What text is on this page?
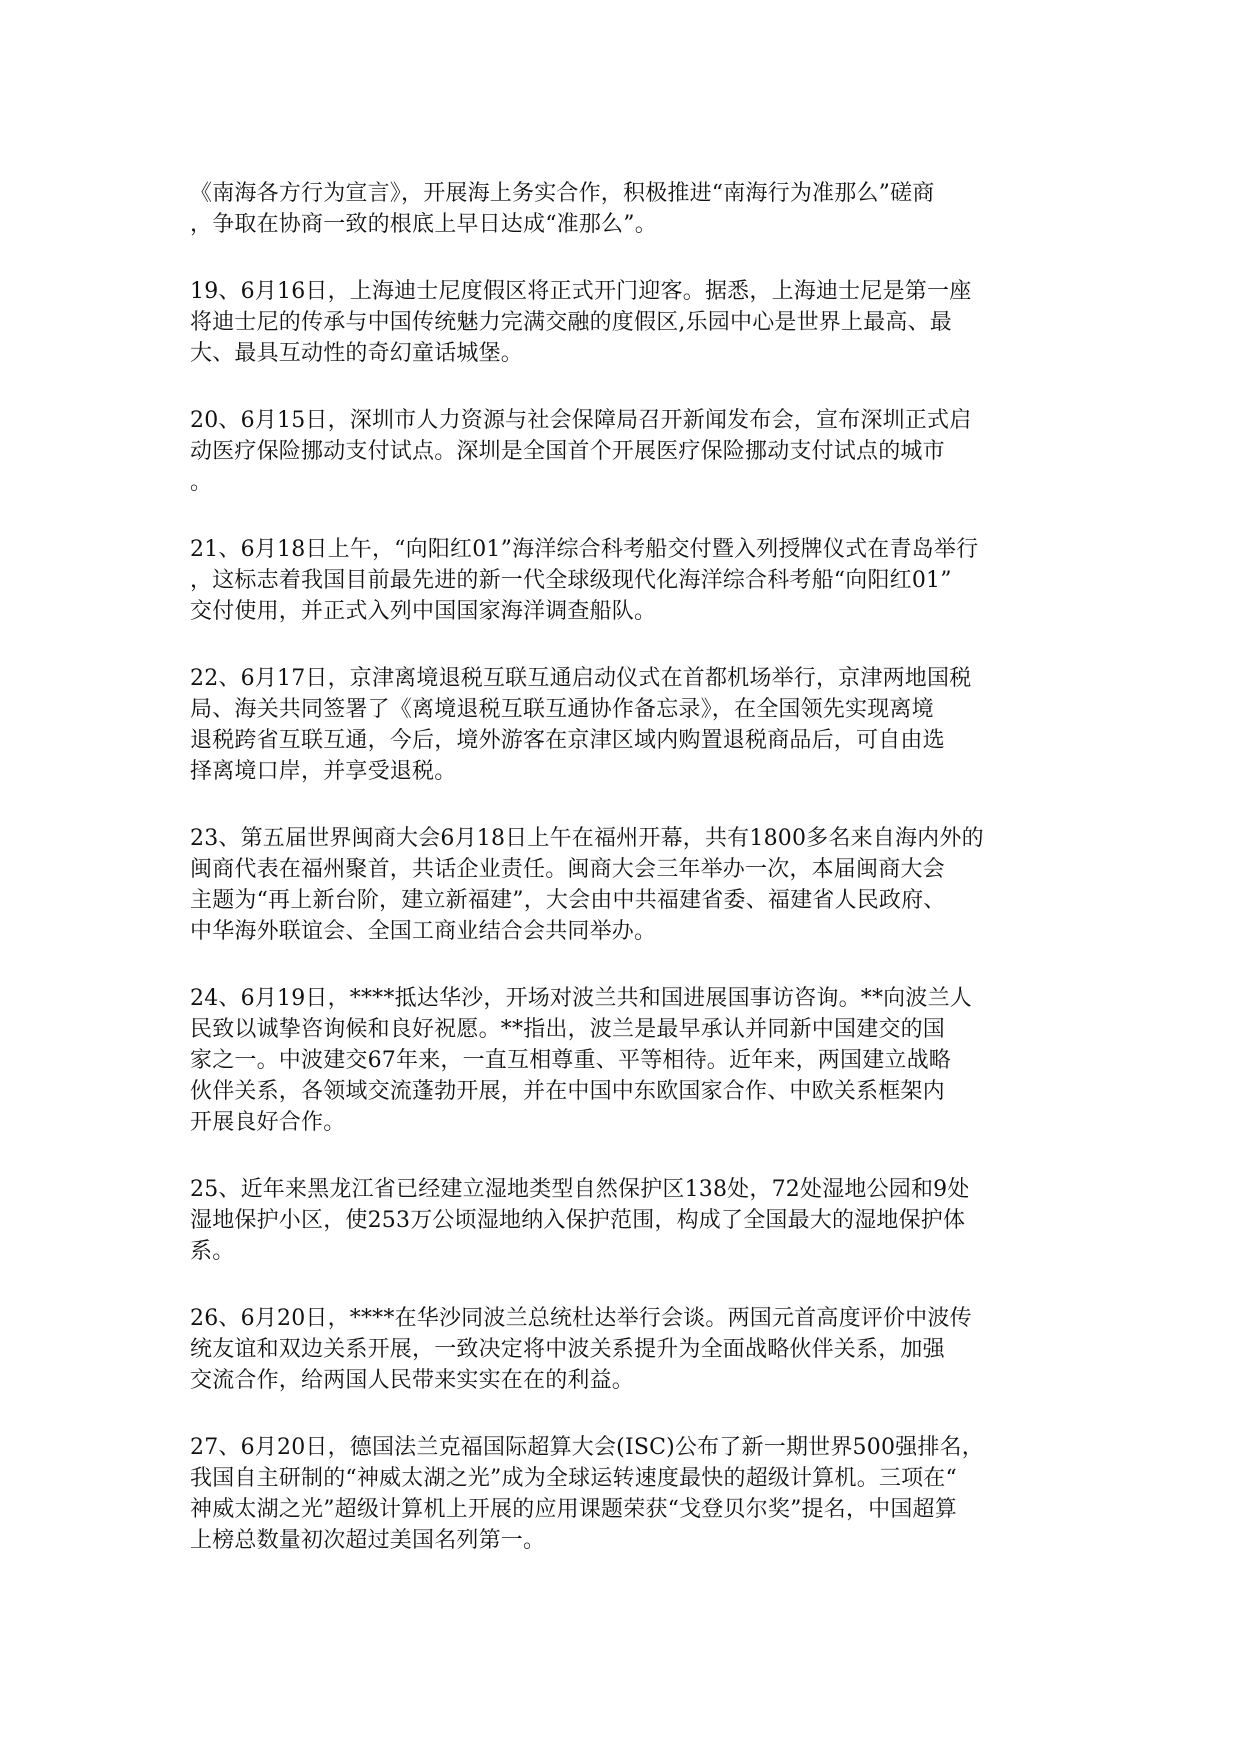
《南海各方行为宣言》，开展海上务实合作，积极推进“南海行为准那么”磋商
，争取在协商一致的根底上早日达成“准那么”。

19、6月16日，上海迪士尼度假区将正式开门迎客。据悉，上海迪士尼是第一座
将迪士尼的传承与中国传统魅力完满交融的度假区,乐园中心是世界上最高、最
大、最具互动性的奇幻童话城堡。

20、6月15日，深圳市人力资源与社会保障局召开新闻发布会，宣布深圳正式启
动医疗保险挪动支付试点。深圳是全国首个开展医疗保险挪动支付试点的城市
。

21、6月18日上午，“向阳红01”海洋综合科考船交付暨入列授牌仪式在青岛举行
，这标志着我国目前最先进的新一代全球级现代化海洋综合科考船“向阳红01”
交付使用，并正式入列中国国家海洋调查船队。

22、6月17日，京津离境退税互联互通启动仪式在首都机场举行，京津两地国税
局、海关共同签署了《离境退税互联互通协作备忘录》，在全国领先实现离境
退税跨省互联互通，今后，境外游客在京津区域内购置退税商品后，可自由选
择离境口岸，并享受退税。

23、第五届世界闽商大会6月18日上午在福州开幕，共有1800多名来自海内外的
闽商代表在福州聚首，共话企业责任。闽商大会三年举办一次，本届闽商大会
主题为“再上新台阶，建立新福建”，大会由中共福建省委、福建省人民政府、
中华海外联谊会、全国工商业结合会共同举办。

24、6月19日，****抵达华沙，开场对波兰共和国进展国事访咨询。**向波兰人
民致以诚挚咨询候和良好祝愿。**指出，波兰是最早承认并同新中国建交的国
家之一。中波建交67年来，一直互相尊重、平等相待。近年来，两国建立战略
伙伴关系，各领域交流蓬勃开展，并在中国中东欧国家合作、中欧关系框架内
开展良好合作。

25、近年来黑龙江省已经建立湿地类型自然保护区138处，72处湿地公园和9处
湿地保护小区，使253万公顷湿地纳入保护范围，构成了全国最大的湿地保护体
系。

26、6月20日，****在华沙同波兰总统杜达举行会谈。两国元首高度评价中波传
统友谊和双边关系开展，一致决定将中波关系提升为全面战略伙伴关系，加强
交流合作，给两国人民带来实实在在的利益。

27、6月20日，德国法兰克福国际超算大会(ISC)公布了新一期世界500强排名，
我国自主研制的“神威太湖之光”成为全球运转速度最快的超级计算机。三项在“
神威太湖之光”超级计算机上开展的应用课题荣获“戈登贝尔奖”提名，中国超算
上榜总数量初次超过美国名列第一。
